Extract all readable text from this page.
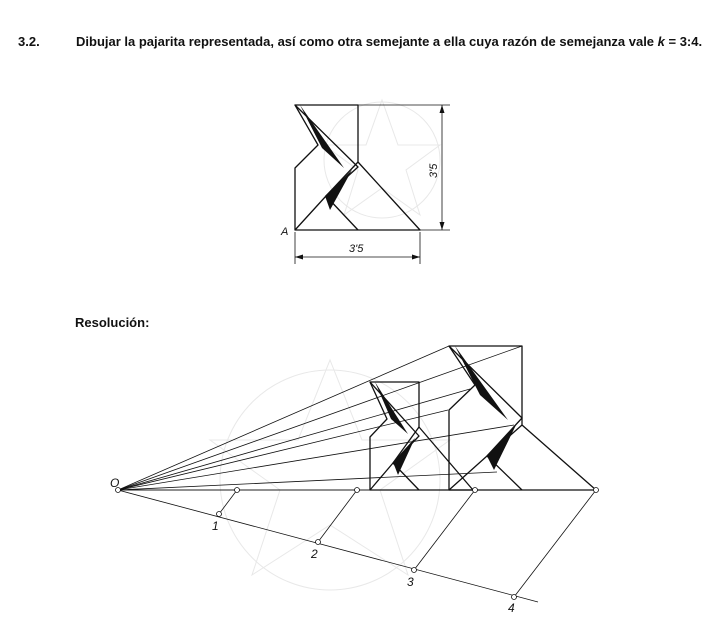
3.2.	Dibujar la pajarita representada, así como otra semejante a ella cuya razón de semejanza vale k = 3:4.
Resolución:
A
3'5
3'5
O
1
2
3
4
